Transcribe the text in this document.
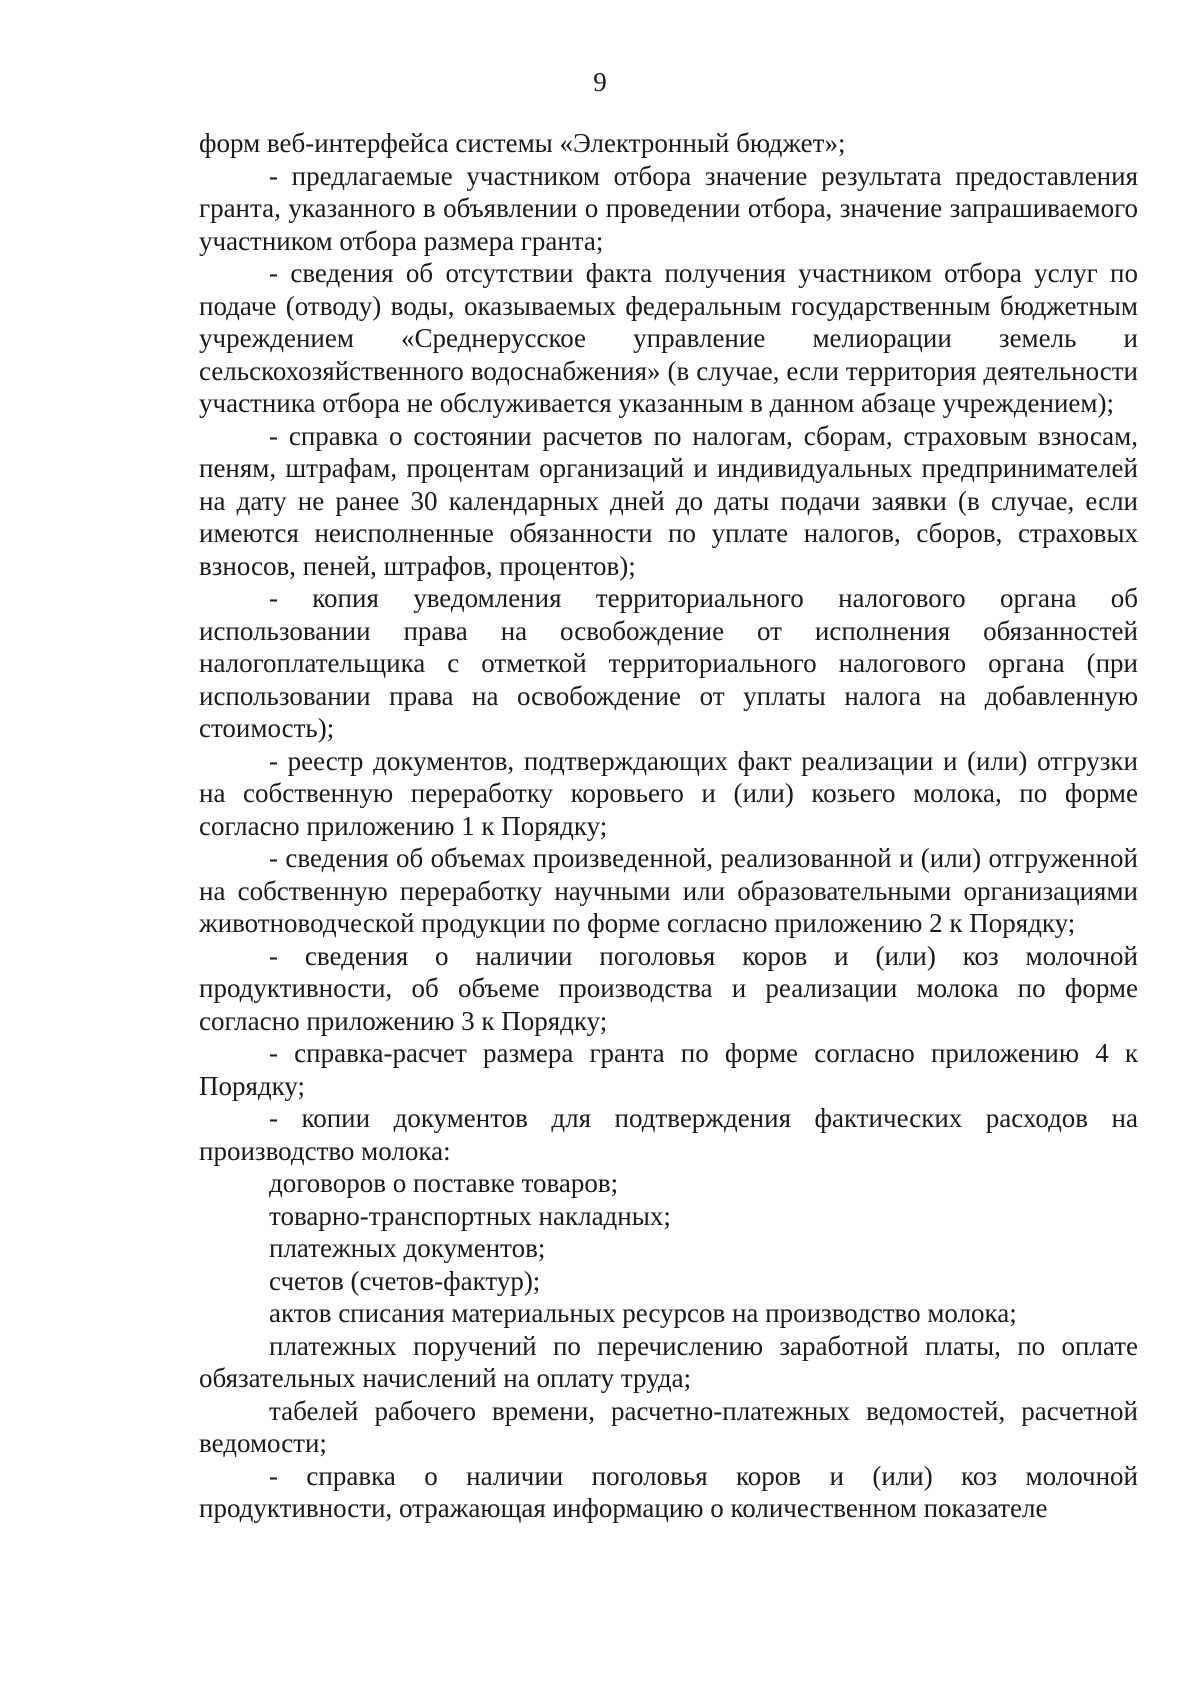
9

форм веб-интерфейса системы «Электронный бюджет»;

- предлагаемые участником отбора значение результата предоставления гранта, указанного в объявлении о проведении отбора, значение запрашиваемого участником отбора размера гранта;

- сведения об отсутствии факта получения участником отбора услуг по подаче (отводу) воды, оказываемых федеральным государственным бюджетным учреждением «Среднерусское управление мелиорации земель и сельскохозяйственного водоснабжения» (в случае, если территория деятельности участника отбора не обслуживается указанным в данном абзаце учреждением);

- справка о состоянии расчетов по налогам, сборам, страховым взносам, пеням, штрафам, процентам организаций и индивидуальных предпринимателей на дату не ранее 30 календарных дней до даты подачи заявки (в случае, если имеются неисполненные обязанности по уплате налогов, сборов, страховых взносов, пеней, штрафов, процентов);

- копия уведомления территориального налогового органа об использовании права на освобождение от исполнения обязанностей налогоплательщика с отметкой территориального налогового органа (при использовании права на освобождение от уплаты налога на добавленную стоимость);

- реестр документов, подтверждающих факт реализации и (или) отгрузки на собственную переработку коровьего и (или) козьего молока, по форме согласно приложению 1 к Порядку;

- сведения об объемах произведенной, реализованной и (или) отгруженной на собственную переработку научными или образовательными организациями животноводческой продукции по форме согласно приложению 2 к Порядку;

- сведения о наличии поголовья коров и (или) коз молочной продуктивности, об объеме производства и реализации молока по форме согласно приложению 3 к Порядку;

- справка-расчет размера гранта по форме согласно приложению 4 к Порядку;

- копии документов для подтверждения фактических расходов на производство молока:

договоров о поставке товаров;

товарно-транспортных накладных;

платежных документов;

счетов (счетов-фактур);

актов списания материальных ресурсов на производство молока;

платежных поручений по перечислению заработной платы, по оплате обязательных начислений на оплату труда;

табелей рабочего времени, расчетно-платежных ведомостей, расчетной ведомости;

- справка о наличии поголовья коров и (или) коз молочной продуктивности, отражающая информацию о количественном показателе
